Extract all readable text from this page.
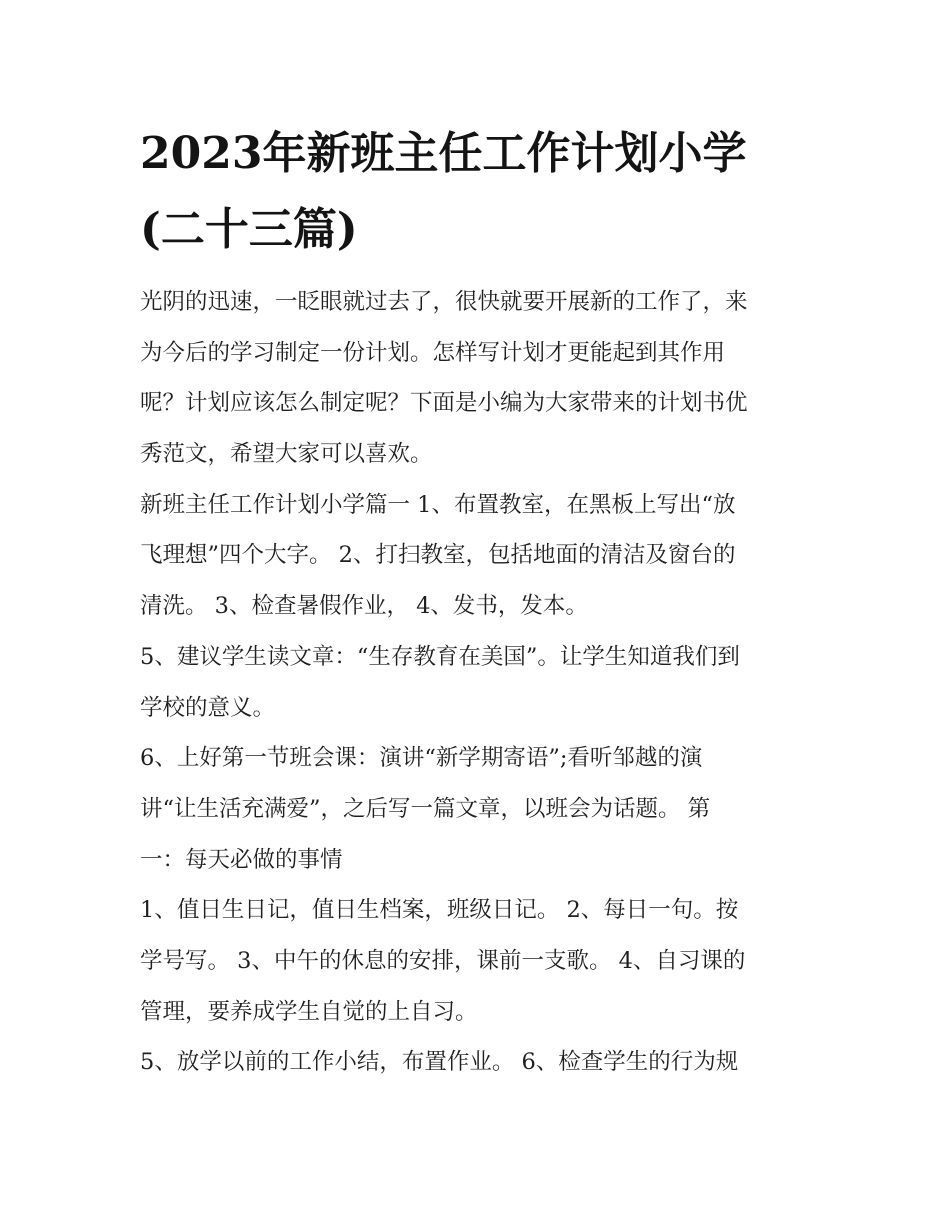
2023年新班主任工作计划小学
(二十三篇)
光阴的迅速，一眨眼就过去了，很快就要开展新的工作了，来
为今后的学习制定一份计划。怎样写计划才更能起到其作用
呢？计划应该怎么制定呢？下面是小编为大家带来的计划书优
秀范文，希望大家可以喜欢。
新班主任工作计划小学篇一 1、布置教室，在黑板上写出“放
飞理想”四个大字。 2、打扫教室，包括地面的清洁及窗台的
清洗。 3、检查暑假作业， 4、发书，发本。
5、建议学生读文章：“生存教育在美国”。让学生知道我们到
学校的意义。
6、上好第一节班会课：演讲“新学期寄语”;看听邹越的演
讲“让生活充满爱”，之后写一篇文章，以班会为话题。 第
一：每天必做的事情
1、值日生日记，值日生档案，班级日记。 2、每日一句。按
学号写。 3、中午的休息的安排，课前一支歌。 4、自习课的
管理，要养成学生自觉的上自习。
5、放学以前的工作小结，布置作业。 6、检查学生的行为规
